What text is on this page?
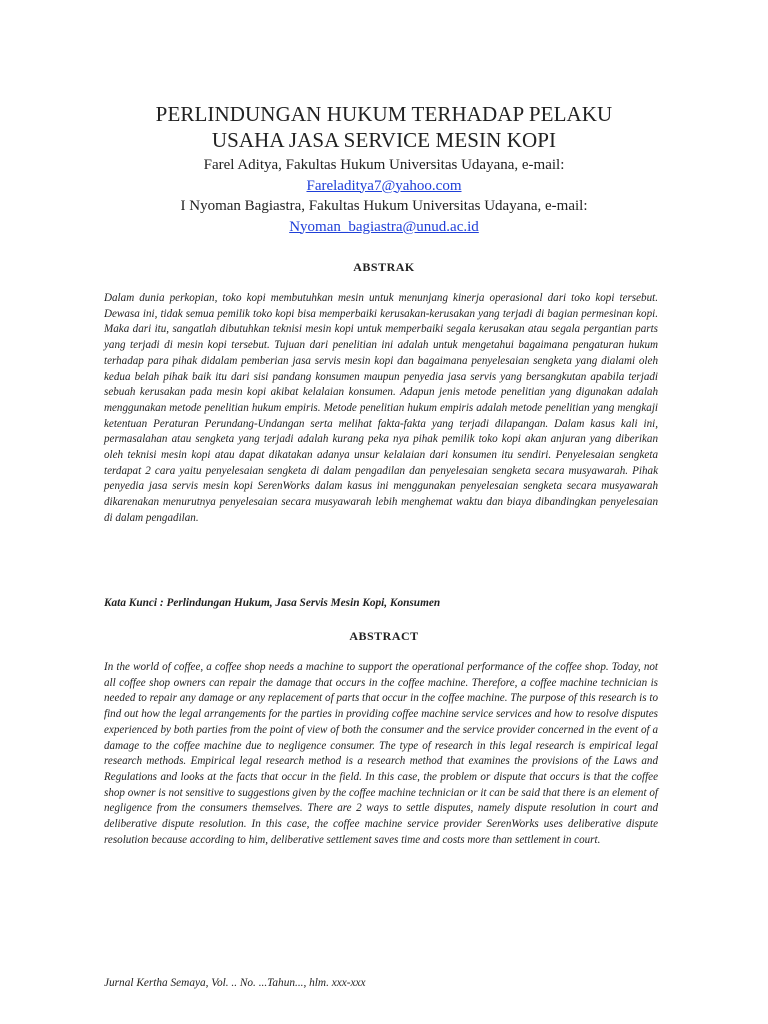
PERLINDUNGAN HUKUM TERHADAP PELAKU
USAHA JASA SERVICE MESIN KOPI
Farel Aditya, Fakultas Hukum Universitas Udayana, e-mail:
Fareladitya7@yahoo.com
I Nyoman Bagiastra, Fakultas Hukum Universitas Udayana, e-mail:
Nyoman_bagiastra@unud.ac.id
ABSTRAK
Dalam dunia perkopian, toko kopi membutuhkan mesin untuk menunjang kinerja operasional dari toko kopi tersebut. Dewasa ini, tidak semua pemilik toko kopi bisa memperbaiki kerusakan-kerusakan yang terjadi di bagian permesinan kopi. Maka dari itu, sangatlah dibutuhkan teknisi mesin kopi untuk memperbaiki segala kerusakan atau segala pergantian parts yang terjadi di mesin kopi tersebut. Tujuan dari penelitian ini adalah untuk mengetahui bagaimana pengaturan hukum terhadap para pihak didalam pemberian jasa servis mesin kopi dan bagaimana penyelesaian sengketa yang dialami oleh kedua belah pihak baik itu dari sisi pandang konsumen maupun penyedia jasa servis yang bersangkutan apabila terjadi sebuah kerusakan pada mesin kopi akibat kelalaian konsumen. Adapun jenis metode penelitian yang digunakan adalah menggunakan metode penelitian hukum empiris. Metode penelitian hukum empiris adalah metode penelitian yang mengkaji ketentuan Peraturan Perundang-Undangan serta melihat fakta-fakta yang terjadi dilapangan. Dalam kasus kali ini, permasalahan atau sengketa yang terjadi adalah kurang peka nya pihak pemilik toko kopi akan anjuran yang diberikan oleh teknisi mesin kopi atau dapat dikatakan adanya unsur kelalaian dari konsumen itu sendiri. Penyelesaian sengketa terdapat 2 cara yaitu penyelesaian sengketa di dalam pengadilan dan penyelesaian sengketa secara musyawarah. Pihak penyedia jasa servis mesin kopi SerenWorks dalam kasus ini menggunakan penyelesaian sengketa secara musyawarah dikarenakan menurutnya penyelesaian secara musyawarah lebih menghemat waktu dan biaya dibandingkan penyelesaian di dalam pengadilan.
Kata Kunci : Perlindungan Hukum, Jasa Servis Mesin Kopi, Konsumen
ABSTRACT
In the world of coffee, a coffee shop needs a machine to support the operational performance of the coffee shop. Today, not all coffee shop owners can repair the damage that occurs in the coffee machine. Therefore, a coffee machine technician is needed to repair any damage or any replacement of parts that occur in the coffee machine. The purpose of this research is to find out how the legal arrangements for the parties in providing coffee machine service services and how to resolve disputes experienced by both parties from the point of view of both the consumer and the service provider concerned in the event of a damage to the coffee machine due to negligence consumer. The type of research in this legal research is empirical legal research methods. Empirical legal research method is a research method that examines the provisions of the Laws and Regulations and looks at the facts that occur in the field. In this case, the problem or dispute that occurs is that the coffee shop owner is not sensitive to suggestions given by the coffee machine technician or it can be said that there is an element of negligence from the consumers themselves. There are 2 ways to settle disputes, namely dispute resolution in court and deliberative dispute resolution. In this case, the coffee machine service provider SerenWorks uses deliberative dispute resolution because according to him, deliberative settlement saves time and costs more than settlement in court.
Jurnal Kertha Semaya, Vol. .. No. ...Tahun..., hlm. xxx-xxx
